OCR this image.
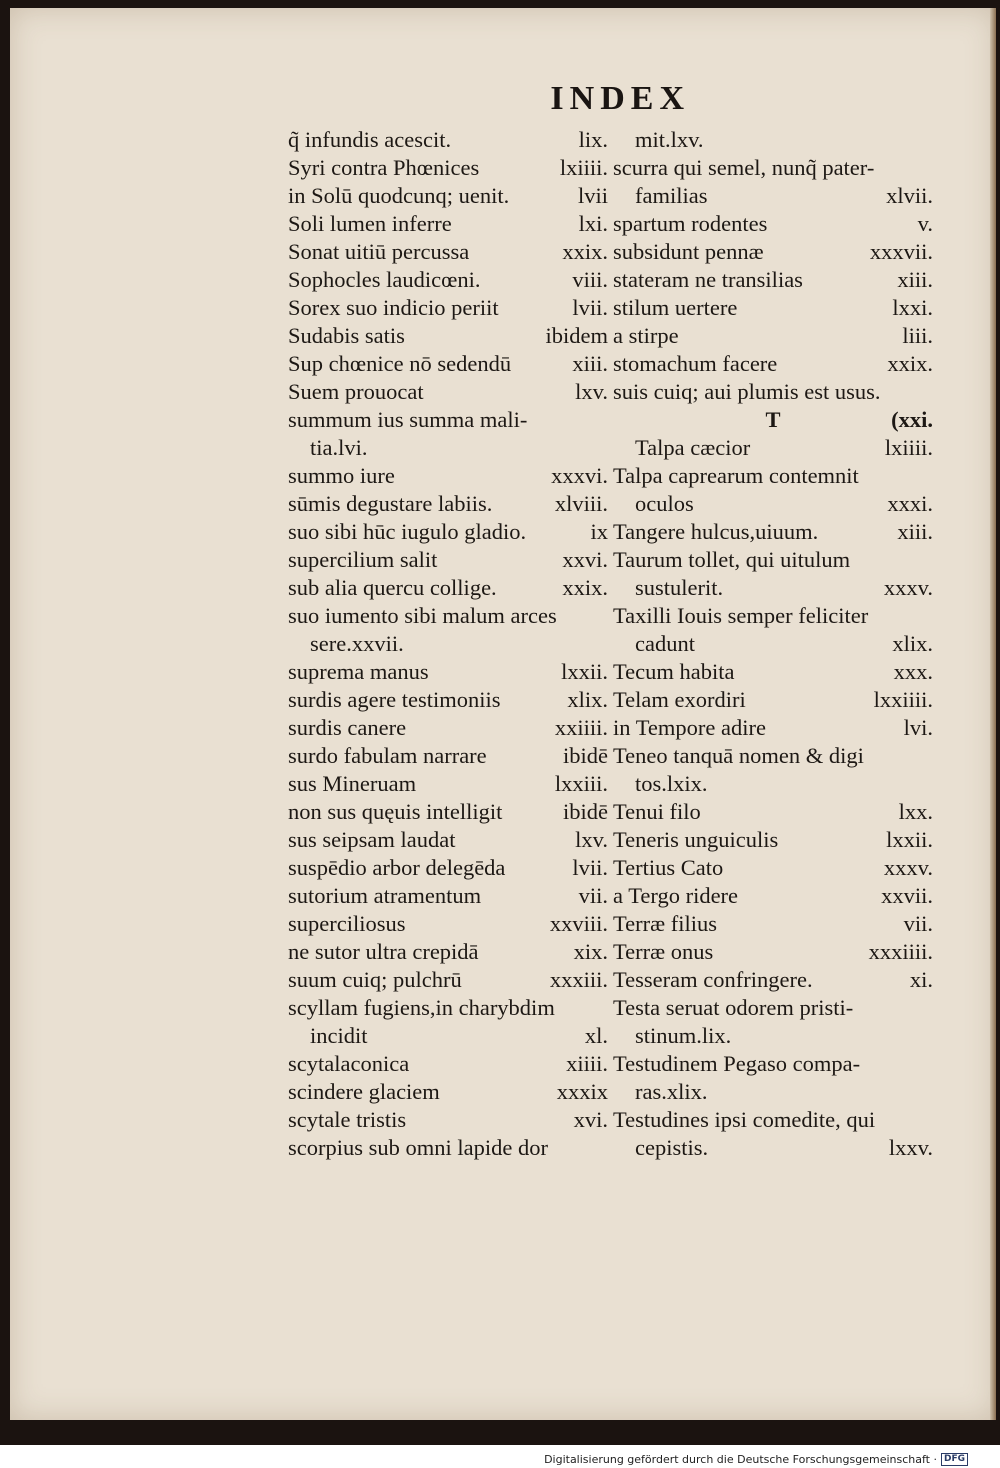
INDEX
q̃ infundis acescit.	lix.
Syri contra Phœnices	lxiiii.
in Solū quodcunq; uenit.	lvii
Soli lumen inferre	lxi.
Sonat uitiū percussa	xxix.
Sophocles laudicœni.	viii.
Sorex suo indicio periit	lvii.
Sudabis satis	ibidem
Sup chœnice nō sedendū	xiii.
Suem prouocat	lxv.
summum ius summa mali-
tia.lvi.
summo iure	xxxvi.
sūmis degustare labiis.	xlviii.
suo sibi hūc iugulo gladio.	ix
supercilium salit	xxvi.
sub alia quercu collige.	xxix.
suo iumento sibi malum arces
sere.xxvii.
suprema manus	lxxii.
surdis agere testimoniis	xlix.
surdis canere	xxiiii.
surdo fabulam narrare	ibidē
sus Mineruam	lxxiii.
non sus quęuis intelligit	ibidē
sus seipsam laudat	lxv.
suspēdio arbor delegēda	lvii.
sutorium atramentum	vii.
superciliosus	xxviii.
ne sutor ultra crepidā	xix.
suum cuiq; pulchrū	xxxiii.
scyllam fugiens,in charybdim
incidit	xl.
scytalaconica	xiiii.
scindere glaciem	xxxix
scytale tristis	xvi.
scorpius sub omni lapide dor
mit.lxv.
scurra qui semel, nunq̃ pater-
familias	xlvii.
spartum rodentes	v.
subsidunt pennæ	xxxvii.
stateram ne transilias	xiii.
stilum uertere	lxxi.
a stirpe	liii.
stomachum facere	xxix.
suis cuiq; aui plumis est usus.
T	(xxi.
Talpa cæcior	lxiiii.
Talpa caprearum contemnit
oculos	xxxi.
Tangere hulcus,uiuum.	xiii.
Taurum tollet, qui uitulum
sustulerit.	xxxv.
Taxilli Iouis semper feliciter
cadunt	xlix.
Tecum habita	xxx.
Telam exordiri	lxxiiii.
in Tempore adire	lvi.
Teneo tanquā nomen & digi
tos.lxix.
Tenui filo	lxx.
Teneris unguiculis	lxxii.
Tertius Cato	xxxv.
a Tergo ridere	xxvii.
Terræ filius	vii.
Terræ onus	xxxiiii.
Tesseram confringere.	xi.
Testa seruat odorem pristi-
stinum.lix.
Testudinem Pegaso compa-
ras.xlix.
Testudines ipsi comedite, qui
cepistis.	lxxv.
Digitalisierung gefördert durch die Deutsche Forschungsgemeinschaft · DFG
